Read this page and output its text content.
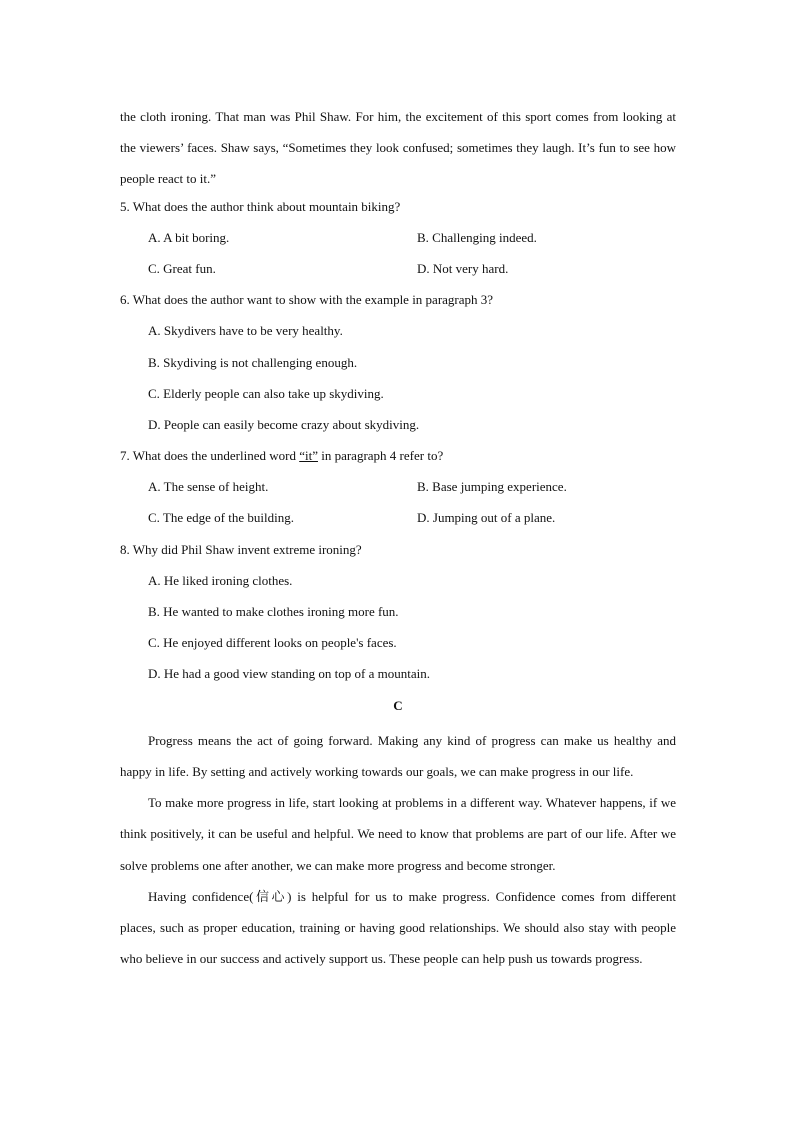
the cloth ironing. That man was Phil Shaw. For him, the excitement of this sport comes from looking at the viewers’ faces. Shaw says, “Sometimes they look confused; sometimes they laugh. It’s fun to see how people react to it.”

5. What does the author think about mountain biking?
A. A bit boring.	B. Challenging indeed.
C. Great fun.	D. Not very hard.
6. What does the author want to show with the example in paragraph 3?
A. Skydivers have to be very healthy.
B. Skydiving is not challenging enough.
C. Elderly people can also take up skydiving.
D. People can easily become crazy about skydiving.
7. What does the underlined word “it” in paragraph 4 refer to?
A. The sense of height.	B. Base jumping experience.
C. The edge of the building.	D. Jumping out of a plane.
8. Why did Phil Shaw invent extreme ironing?
A. He liked ironing clothes.
B. He wanted to make clothes ironing more fun.
C. He enjoyed different looks on people's faces.
D. He had a good view standing on top of a mountain.
C

Progress means the act of going forward. Making any kind of progress can make us healthy and happy in life. By setting and actively working towards our goals, we can make progress in our life.

To make more progress in life, start looking at problems in a different way. Whatever happens, if we think positively, it can be useful and helpful. We need to know that problems are part of our life. After we solve problems one after another, we can make more progress and become stronger.

Having confidence(信心) is helpful for us to make progress. Confidence comes from different places, such as proper education, training or having good relationships. We should also stay with people who believe in our success and actively support us. These people can help push us towards progress.
